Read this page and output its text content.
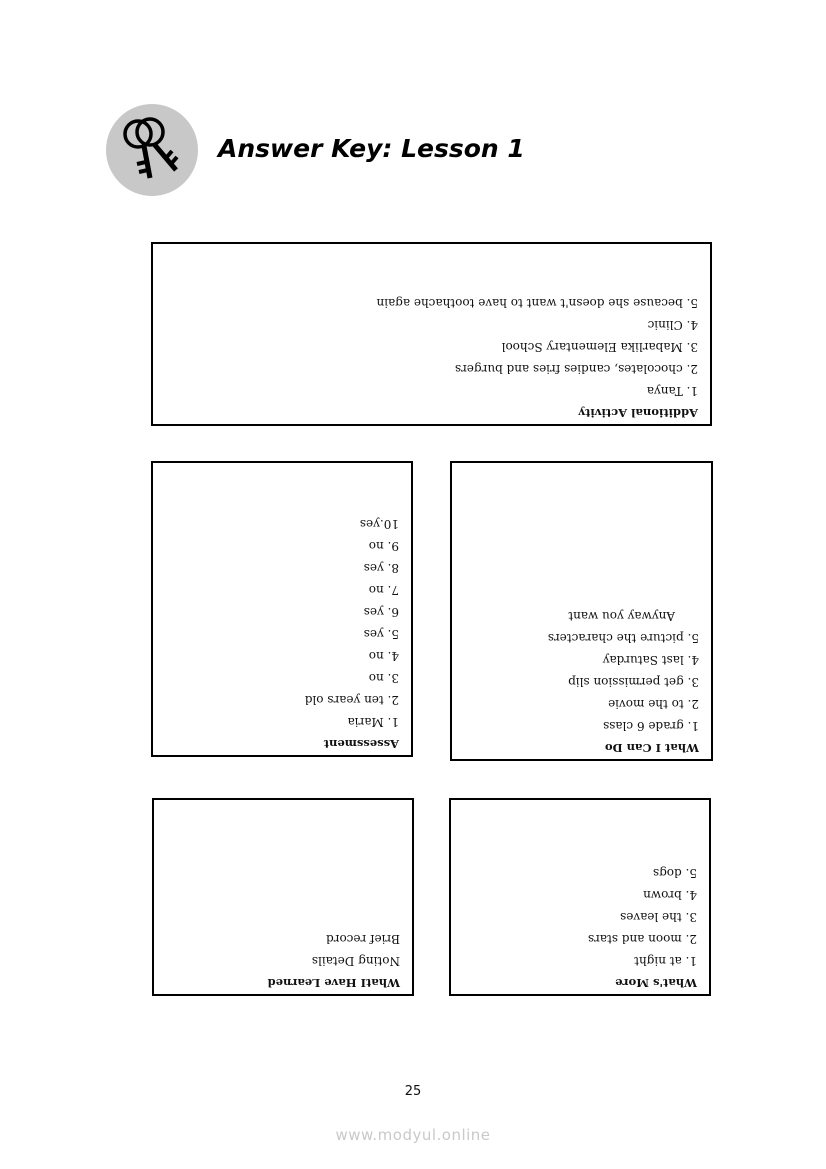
Answer Key: Lesson 1
Additional Activity
1. Tanya
2. chocolates, candies fries and burgers
3. Mabarlika Elementary School
4. Clinic
5. because she doesn't want to have toothache again
Assessment
1. Maria
2. ten years old
3. no
4. no
5. yes
6. yes
7. no
8. yes
9. no
10.yes
What I Can Do
1. grade 6 class
2. to the movie
3. get permission slip
4. last Saturday
5. picture the characters
Anyway you want
WhatI Have Learned
Noting Details
Brief record
What's More
1. at night
2. moon and stars
3. the leaves
4. brown
5. dogs
25
www.modyul.online
